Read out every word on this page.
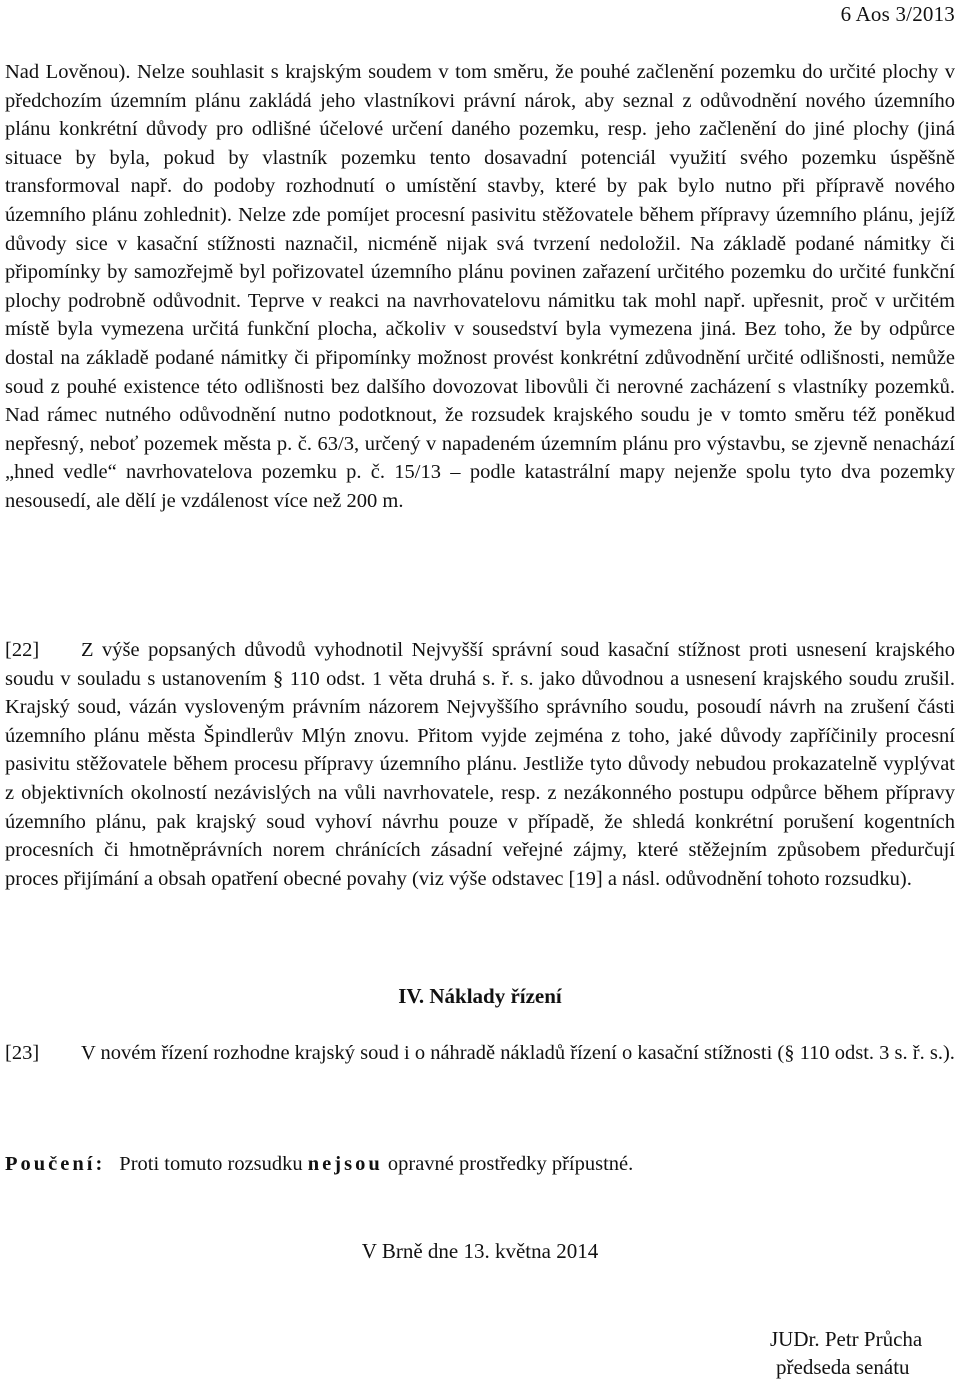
6 Aos 3/2013

Nad Lověnou). Nelze souhlasit s krajským soudem v tom směru, že pouhé začlenění pozemku do určité plochy v předchozím územním plánu zakládá jeho vlastníkovi právní nárok, aby seznal z odůvodnění nového územního plánu konkrétní důvody pro odlišné účelové určení daného pozemku, resp. jeho začlenění do jiné plochy (jiná situace by byla, pokud by vlastník pozemku tento dosavadní potenciál využití svého pozemku úspěšně transformoval např. do podoby rozhodnutí o umístění stavby, které by pak bylo nutno při přípravě nového územního plánu zohlednit). Nelze zde pomíjet procesní pasivitu stěžovatele během přípravy územního plánu, jejíž důvody sice v kasační stížnosti naznačil, nicméně nijak svá tvrzení nedoložil. Na základě podané námitky či připomínky by samozřejmě byl pořizovatel územního plánu povinen zařazení určitého pozemku do určité funkční plochy podrobně odůvodnit. Teprve v reakci na navrhovatelovu námitku tak mohl např. upřesnit, proč v určitém místě byla vymezena určitá funkční plocha, ačkoliv v sousedství byla vymezena jiná. Bez toho, že by odpůrce dostal na základě podané námitky či připomínky možnost provést konkrétní zdůvodnění určité odlišnosti, nemůže soud z pouhé existence této odlišnosti bez dalšího dovozovat libovůli či nerovné zacházení s vlastníky pozemků. Nad rámec nutného odůvodnění nutno podotknout, že rozsudek krajského soudu je v tomto směru též poněkud nepřesný, neboť pozemek města p. č. 63/3, určený v napadeném územním plánu pro výstavbu, se zjevně nenachází „hned vedle“ navrhovatelova pozemku p. č. 15/13 – podle katastrální mapy nejenže spolu tyto dva pozemky nesousedí, ale dělí je vzdálenost více než 200 m.

[22] Z výše popsaných důvodů vyhodnotil Nejvyšší správní soud kasační stížnost proti usnesení krajského soudu v souladu s ustanovením § 110 odst. 1 věta druhá s. ř. s. jako důvodnou a usnesení krajského soudu zrušil. Krajský soud, vázán vysloveným právním názorem Nejvyššího správního soudu, posoudí návrh na zrušení části územního plánu města Špindlerův Mlýn znovu. Přitom vyjde zejména z toho, jaké důvody zapříčinily procesní pasivitu stěžovatele během procesu přípravy územního plánu. Jestliže tyto důvody nebudou prokazatelně vyplývat z objektivních okolností nezávislých na vůli navrhovatele, resp. z nezákonného postupu odpůrce během přípravy územního plánu, pak krajský soud vyhoví návrhu pouze v případě, že shledá konkrétní porušení kogentních procesních či hmotněprávních norem chránících zásadní veřejné zájmy, které stěžejním způsobem předurčují proces přijímání a obsah opatření obecné povahy (viz výše odstavec [19] a násl. odůvodnění tohoto rozsudku).

IV. Náklady řízení

[23] V novém řízení rozhodne krajský soud i o náhradě nákladů řízení o kasační stížnosti (§ 110 odst. 3 s. ř. s.).

Poučení: Proti tomuto rozsudku nejsou opravné prostředky přípustné.
V Brně dne 13. května 2014
JUDr. Petr Průcha
předseda senátu
